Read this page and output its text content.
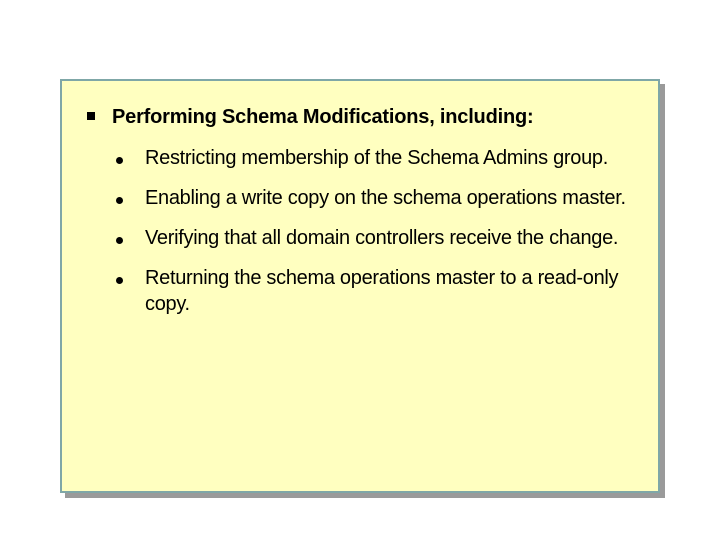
Performing Schema Modifications, including:
Restricting membership of the Schema Admins group.
Enabling a write copy on the schema operations master.
Verifying that all domain controllers receive the change.
Returning the schema operations master to a read-only copy.
